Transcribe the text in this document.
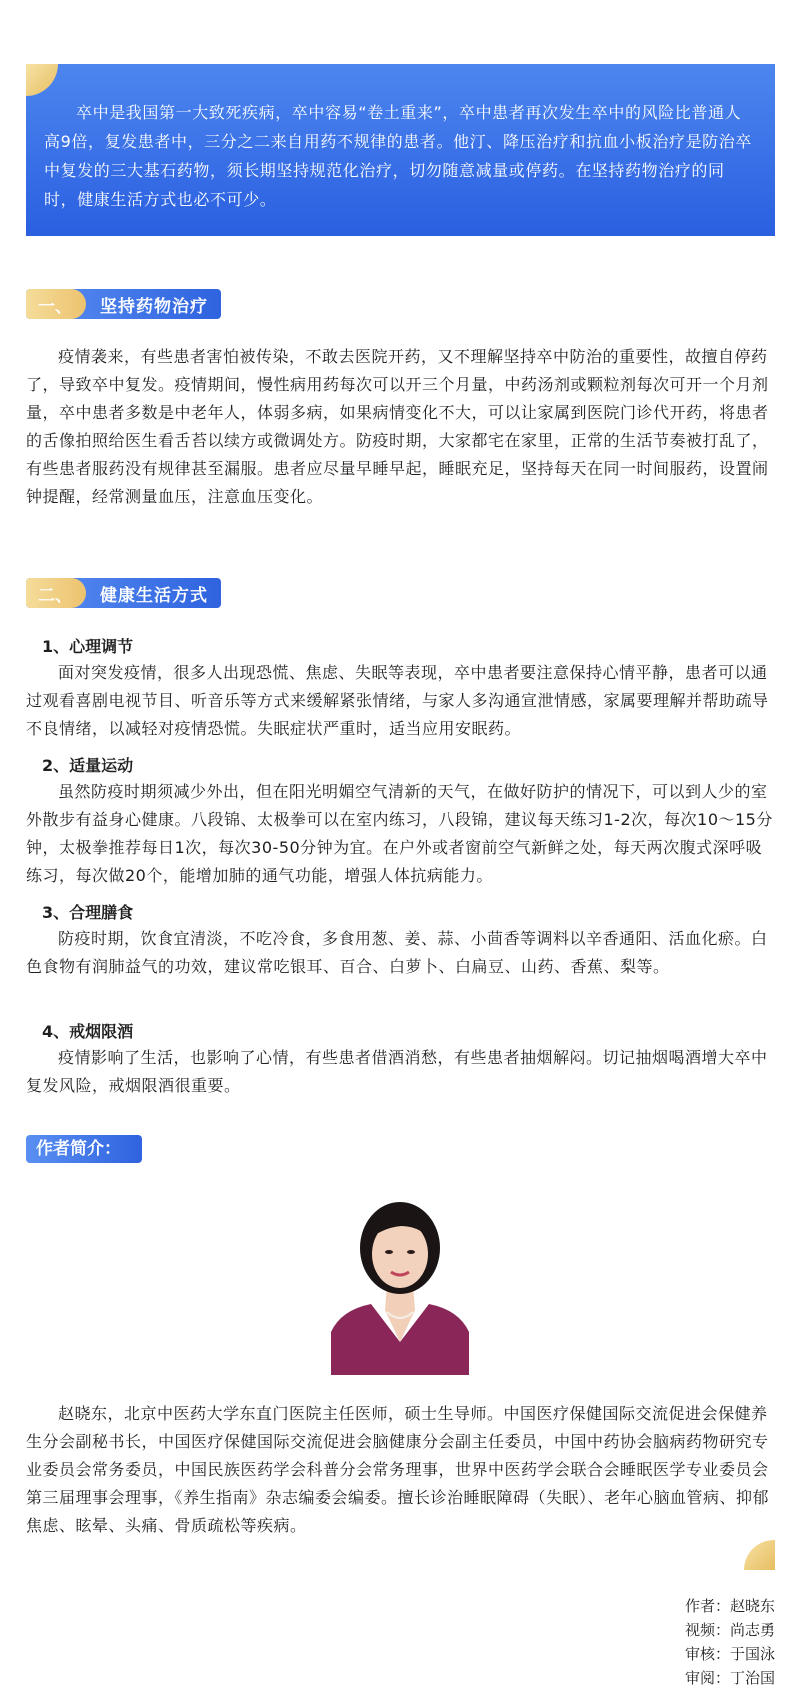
卒中是我国第一大致死疾病，卒中容易“卷土重来”，卒中患者再次发生卒中的风险比普通人高9倍，复发患者中，三分之二来自用药不规律的患者。他汀、降压治疗和抗血小板治疗是防治卒中复发的三大基石药物，须长期坚持规范化治疗，切勿随意减量或停药。在坚持药物治疗的同时，健康生活方式也必不可少。

一、	坚持药物治疗

疫情袭来，有些患者害怕被传染，不敢去医院开药，又不理解坚持卒中防治的重要性，故擅自停药了，导致卒中复发。疫情期间，慢性病用药每次可以开三个月量，中药汤剂或颗粒剂每次可开一个月剂量，卒中患者多数是中老年人，体弱多病，如果病情变化不大，可以让家属到医院门诊代开药，将患者的舌像拍照给医生看舌苔以续方或微调处方。防疫时期，大家都宅在家里，正常的生活节奏被打乱了，有些患者服药没有规律甚至漏服。患者应尽量早睡早起，睡眠充足，坚持每天在同一时间服药，设置闹钟提醒，经常测量血压，注意血压变化。

二、	健康生活方式

1、心理调节

面对突发疫情，很多人出现恐慌、焦虑、失眠等表现，卒中患者要注意保持心情平静，患者可以通过观看喜剧电视节目、听音乐等方式来缓解紧张情绪，与家人多沟通宣泄情感，家属要理解并帮助疏导不良情绪，以减轻对疫情恐慌。失眠症状严重时，适当应用安眠药。

2、适量运动

虽然防疫时期须减少外出，但在阳光明媚空气清新的天气，在做好防护的情况下，可以到人少的室外散步有益身心健康。八段锦、太极拳可以在室内练习，八段锦，建议每天练习1-2次，每次10～15分钟，太极拳推荐每日1次，每次30-50分钟为宜。在户外或者窗前空气新鲜之处，每天两次腹式深呼吸练习，每次做20个，能增加肺的通气功能，增强人体抗病能力。

3、合理膳食

防疫时期，饮食宜清淡，不吃冷食，多食用葱、姜、蒜、小茴香等调料以辛香通阳、活血化瘀。白色食物有润肺益气的功效，建议常吃银耳、百合、白萝卜、白扁豆、山药、香蕉、梨等。

4、戒烟限酒

疫情影响了生活，也影响了心情，有些患者借酒消愁，有些患者抽烟解闷。切记抽烟喝酒增大卒中复发风险，戒烟限酒很重要。

作者简介：

赵晓东，北京中医药大学东直门医院主任医师，硕士生导师。中国医疗保健国际交流促进会保健养生分会副秘书长，中国医疗保健国际交流促进会脑健康分会副主任委员，中国中药协会脑病药物研究专业委员会常务委员，中国民族医药学会科普分会常务理事，世界中医药学会联合会睡眠医学专业委员会第三届理事会理事，《养生指南》杂志编委会编委。擅长诊治睡眠障碍（失眠）、老年心脑血管病、抑郁焦虑、眩晕、头痛、骨质疏松等疾病。

作者：赵晓东
视频：尚志勇
审核：于国泳
审阅：丁治国
